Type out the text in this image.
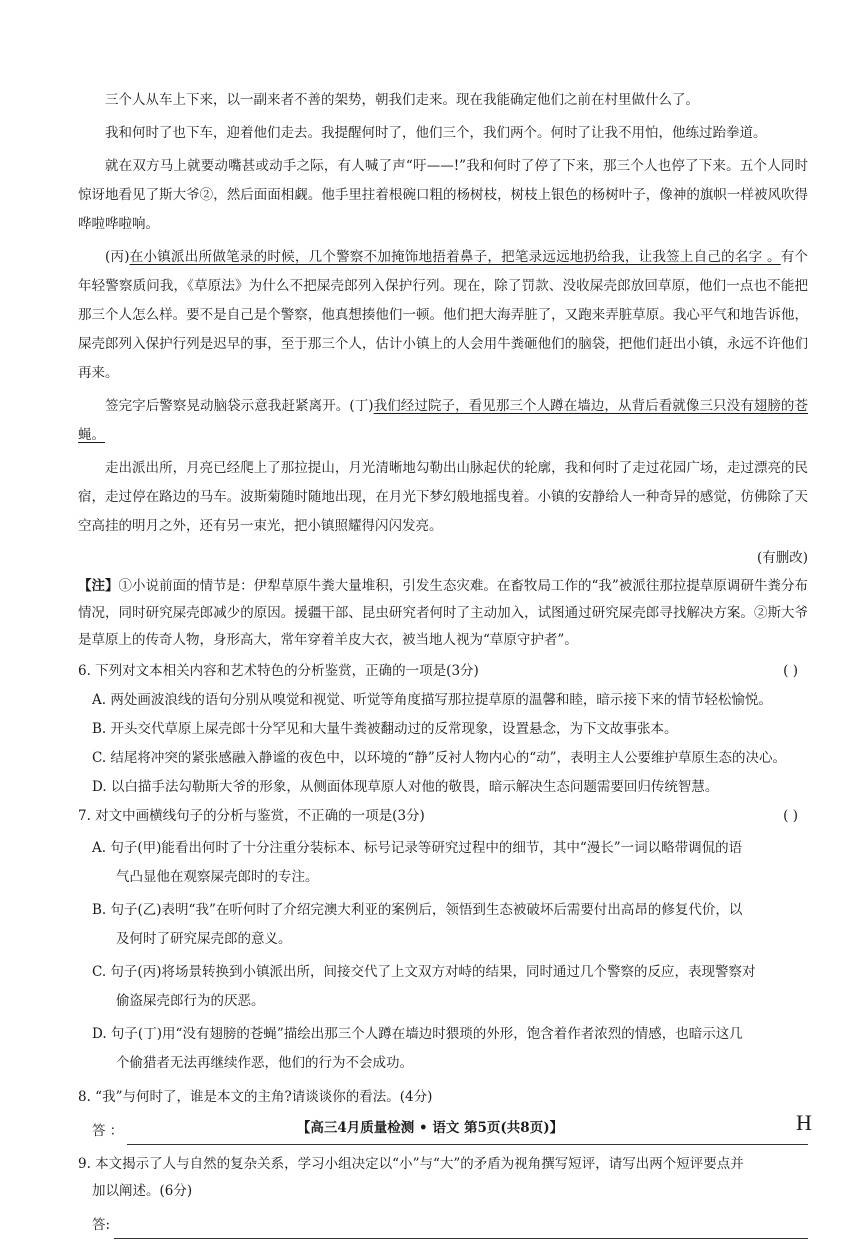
三个人从车上下来，以一副来者不善的架势，朝我们走来。现在我能确定他们之前在村里做什么了。

我和何时了也下车，迎着他们走去。我提醒何时了，他们三个，我们两个。何时了让我不用怕，他练过跆拳道。

就在双方马上就要动嘴甚或动手之际，有人喊了声“吁——!”我和何时了停了下来，那三个人也停了下来。五个人同时惊讶地看见了斯大爷②，然后面面相觑。他手里拄着根碗口粗的杨树枝，树枝上银色的杨树叶子，像神的旗帜一样被风吹得哗啦哗啦响。

(丙)在小镇派出所做笔录的时候，几个警察不加掩饰地捂着鼻子，把笔录远远地扔给我，让我签上自己的名字 。有个年轻警察质问我，《草原法》为什么不把屎壳郎列入保护行列。现在，除了罚款、没收屎壳郎放回草原，他们一点也不能把那三个人怎么样。要不是自己是个警察，他真想揍他们一顿。他们把大海弄脏了，又跑来弄脏草原。我心平气和地告诉他，屎壳郎列入保护行列是迟早的事，至于那三个人，估计小镇上的人会用牛粪砸他们的脑袋，把他们赶出小镇，永远不许他们再来。

签完字后警察晃动脑袋示意我赶紧离开。(丁)我们经过院子，看见那三个人蹲在墙边，从背后看就像三只没有翅膀的苍蝇。

走出派出所，月亮已经爬上了那拉提山，月光清晰地勾勒出山脉起伏的轮廓，我和何时了走过花园广场，走过漂亮的民宿，走过停在路边的马车。波斯菊随时随地出现，在月光下梦幻般地摇曳着。小镇的安静给人一种奇异的感觉，仿佛除了天空高挂的明月之外，还有另一束光，把小镇照耀得闪闪发亮。

(有删改)

【注】①小说前面的情节是：伊犁草原牛粪大量堆积，引发生态灾难。在畜牧局工作的“我”被派往那拉提草原调研牛粪分布情况，同时研究屎壳郎减少的原因。援疆干部、昆虫研究者何时了主动加入，试图通过研究屎壳郎寻找解决方案。②斯大爷是草原上的传奇人物，身形高大，常年穿着羊皮大衣，被当地人视为“草原守护者”。

6. 下列对文本相关内容和艺术特色的分析鉴赏，正确的一项是(3分)	( )
A. 两处画波浪线的语句分别从嗅觉和视觉、听觉等角度描写那拉提草原的温馨和睦，暗示接下来的情节轻松愉悦。
B. 开头交代草原上屎壳郎十分罕见和大量牛粪被翻动过的反常现象，设置悬念，为下文故事张本。
C. 结尾将冲突的紧张感融入静谧的夜色中，以环境的“静”反衬人物内心的“动”，表明主人公要维护草原生态的决心。
D. 以白描手法勾勒斯大爷的形象，从侧面体现草原人对他的敬畏，暗示解决生态问题需要回归传统智慧。
7. 对文中画横线句子的分析与鉴赏，不正确的一项是(3分)	( )
A. 句子(甲)能看出何时了十分注重分装标本、标号记录等研究过程中的细节，其中“漫长”一词以略带调侃的语
气凸显他在观察屎壳郎时的专注。
B. 句子(乙)表明“我”在听何时了介绍完澳大利亚的案例后，领悟到生态被破坏后需要付出高昂的修复代价，以
及何时了研究屎壳郎的意义。
C. 句子(丙)将场景转换到小镇派出所，间接交代了上文双方对峙的结果，同时通过几个警察的反应，表现警察对
偷盗屎壳郎行为的厌恶。
D. 句子(丁)用“没有翅膀的苍蝇”描绘出那三个人蹲在墙边时猥琐的外形，饱含着作者浓烈的情感，也暗示这几
个偷猎者无法再继续作恶，他们的行为不会成功。
8. “我”与何时了，谁是本文的主角?请谈谈你的看法。(4分)
答 ：
9. 本文揭示了人与自然的复杂关系，学习小组决定以“小”与“大”的矛盾为视角撰写短评，请写出两个短评要点并
加以阐述。(6分)
答:
【高三4月质量检测 • 语文 第5页(共8页)】	H
